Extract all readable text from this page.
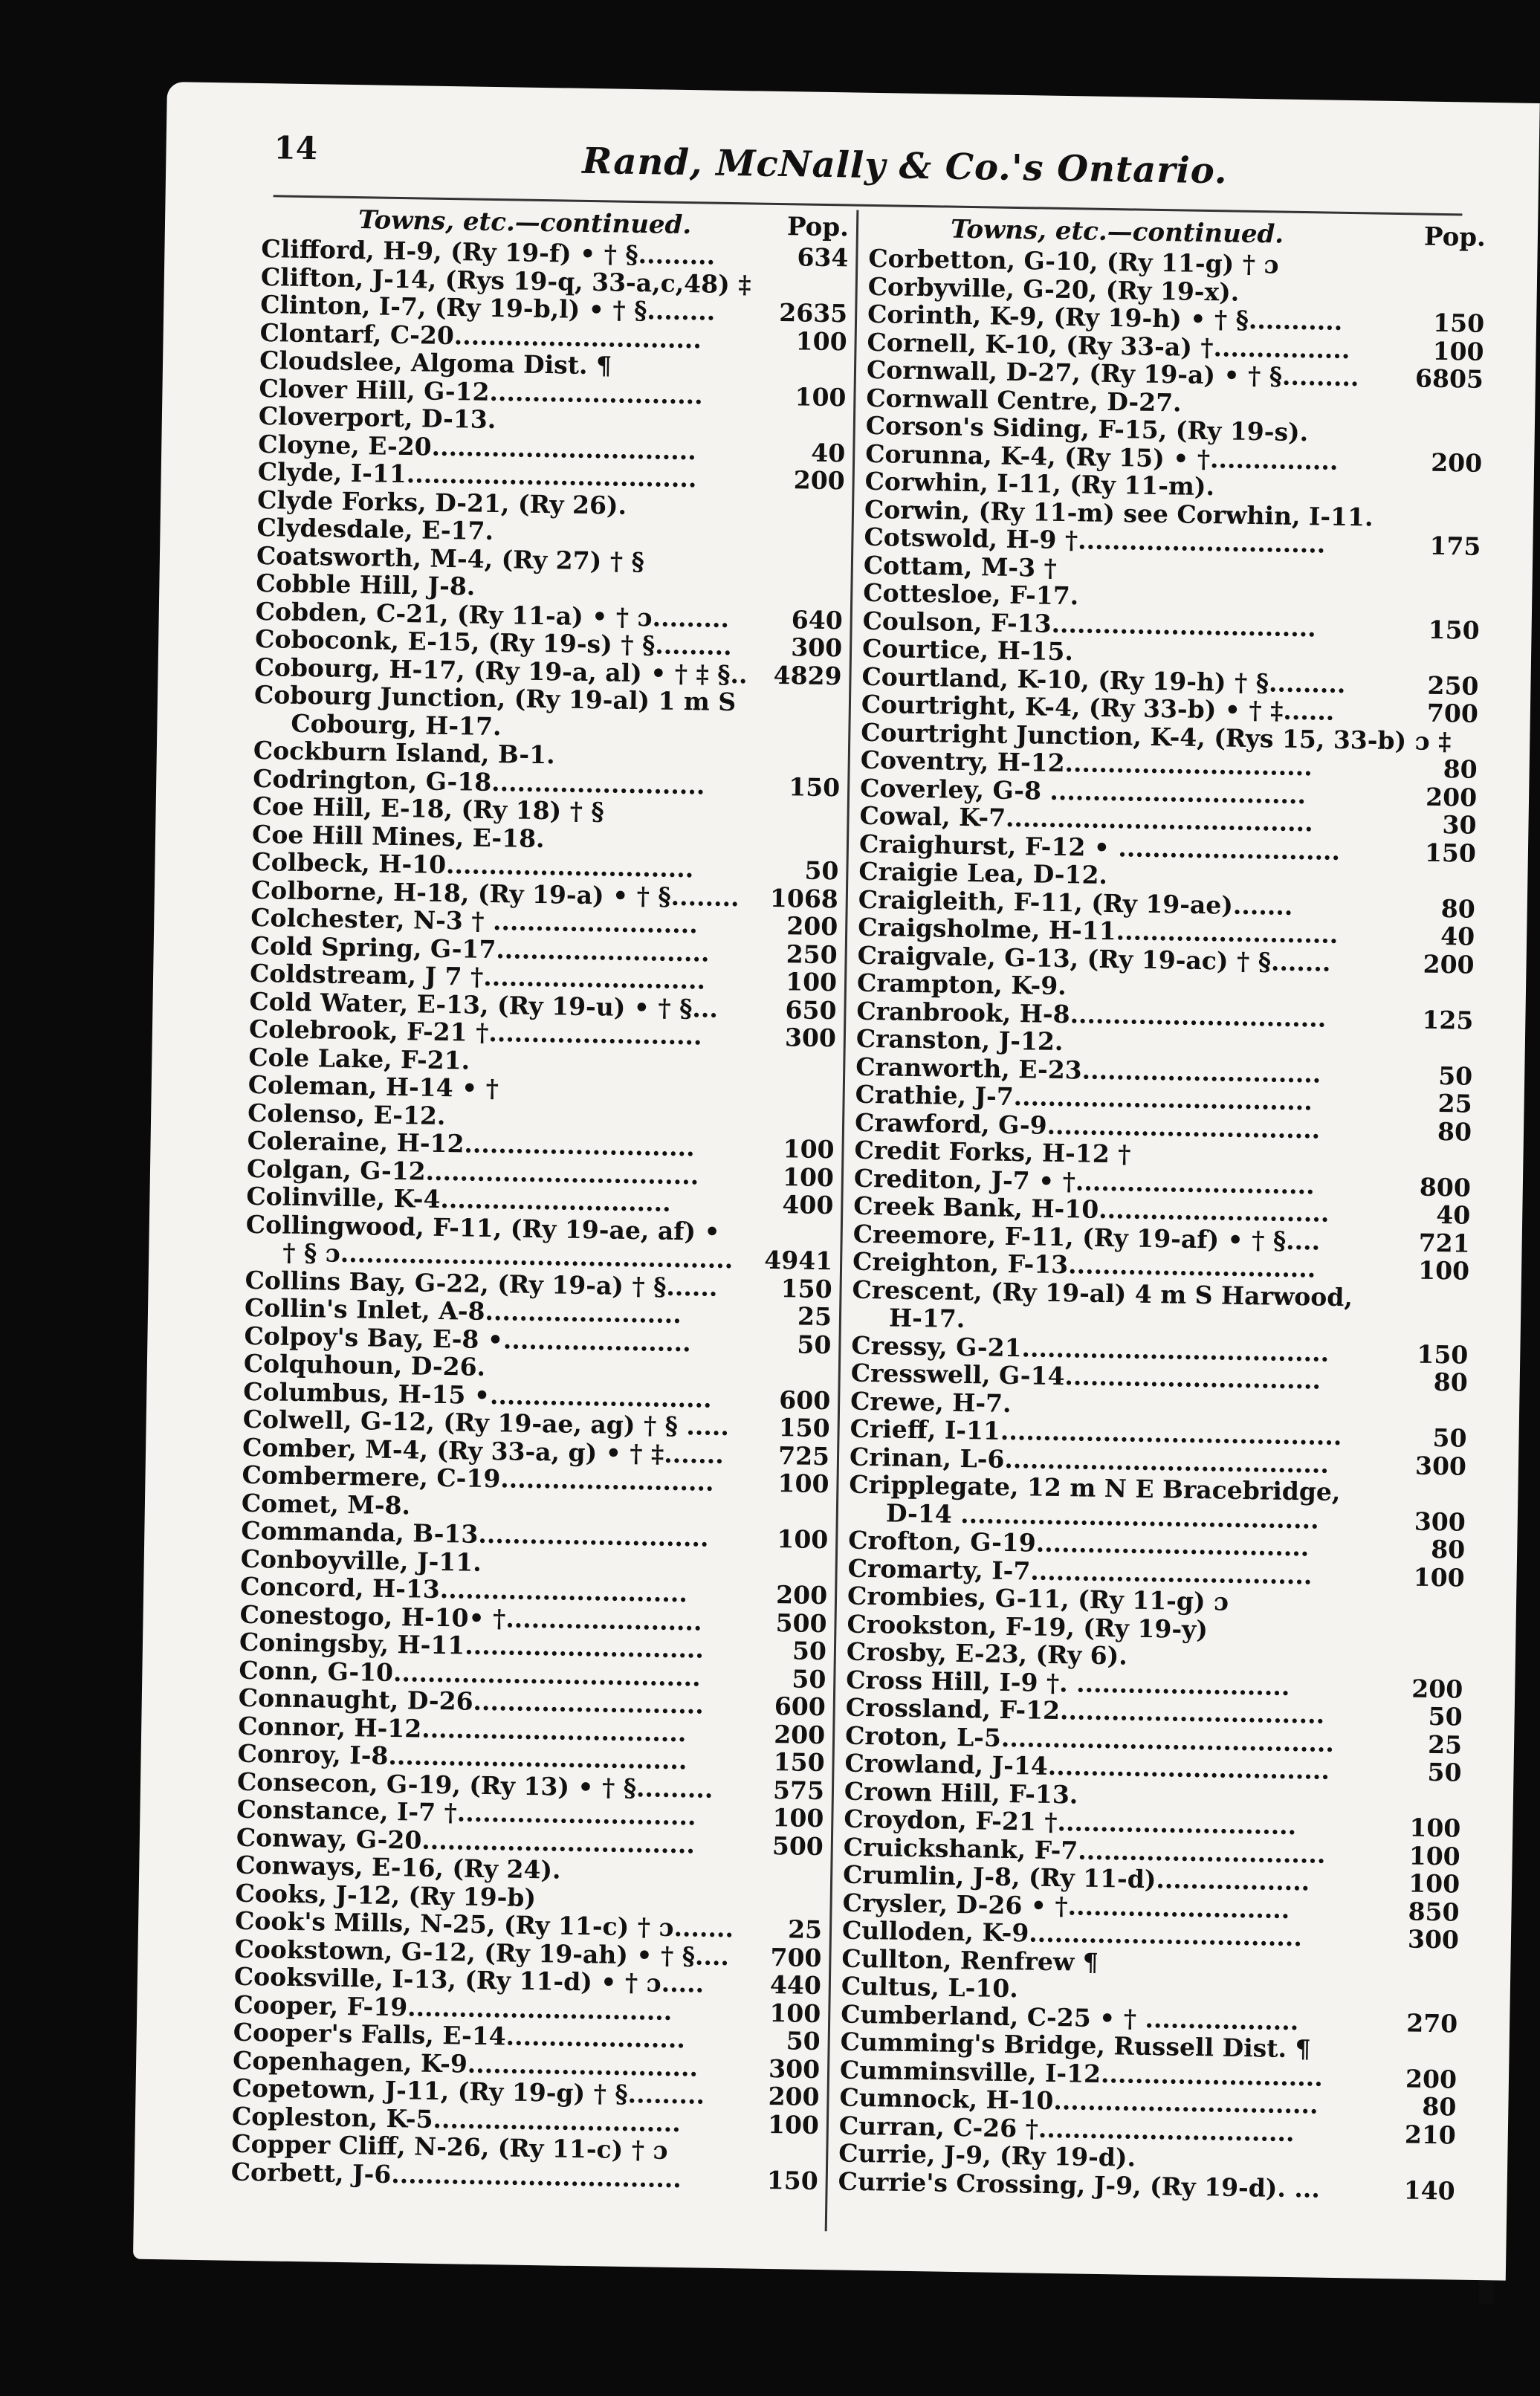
14	Rand, McNally & Co.'s Ontario.
Towns, etc.—continued.	Pop.
Clifford, H-9, (Ry 19-f) • † §.........	634
Clifton, J-14, (Rys 19-q, 33-a,c,48) ‡
Clinton, I-7, (Ry 19-b,l) • † §........	2635
Clontarf, C-20.............................	100
Cloudslee, Algoma Dist. ¶
Clover Hill, G-12.........................	100
Cloverport, D-13.
Cloyne, E-20...............................	40
Clyde, I-11..................................	200
Clyde Forks, D-21, (Ry 26).
Clydesdale, E-17.
Coatsworth, M-4, (Ry 27) † §
Cobble Hill, J-8.
Cobden, C-21, (Ry 11-a) • † ɔ.........	640
Coboconk, E-15, (Ry 19-s) † §......... 300
Cobourg, H-17, (Ry 19-a, al) • † ‡ §.. 4829
Cobourg Junction, (Ry 19-al) 1 m S
Cobourg, H-17.
Cockburn Island, B-1.
Codrington, G-18.........................	150
Coe Hill, E-18, (Ry 18) † §
Coe Hill Mines, E-18.
Colbeck, H-10.............................	50
Colborne, H-18, (Ry 19-a) • † §........ 1068
Colchester, N-3 † ........................	200
Cold Spring, G-17.........................	250
Coldstream, J 7 †..........................	100
Cold Water, E-13, (Ry 19-u) • † §...	650
Colebrook, F-21 †.........................	300
Cole Lake, F-21.
Coleman, H-14 • †
Colenso, E-12.
Coleraine, H-12...........................	100
Colgan, G-12................................	100
Colinville, K-4...........................	400
Collingwood, F-11, (Ry 19-ae, af) •
† § ɔ.............................................. 4941
Collins Bay, G-22, (Ry 19-a) † §......	150
Collin's Inlet, A-8.......................	25
Colpoy's Bay, E-8 •......................	50
Colquhoun, D-26.
Columbus, H-15 •..........................	600
Colwell, G-12, (Ry 19-ae, ag) † § ..... 150
Comber, M-4, (Ry 33-a, g) • † ‡....... 725
Combermere, C-19.........................	100
Comet, M-8.
Commanda, B-13...........................	100
Conboyville, J-11.
Concord, H-13.............................	200
Conestogo, H-10• †.......................	500
Coningsby, H-11............................	50
Conn, G-10....................................	50
Connaught, D-26...........................	600
Connor, H-12...............................	200
Conroy, I-8...................................	150
Consecon, G-19, (Ry 13) • † §......... 575
Constance, I-7 †............................	100
Conway, G-20................................	500
Conways, E-16, (Ry 24).
Cooks, J-12, (Ry 19-b)
Cook's Mills, N-25, (Ry 11-c) † ɔ....... 25
Cookstown, G-12, (Ry 19-ah) • † §.... 700
Cooksville, I-13, (Ry 11-d) • † ɔ.....	440
Cooper, F-19...............................	100
Cooper's Falls, E-14.....................	50
Copenhagen, K-9...........................	300
Copetown, J-11, (Ry 19-g) † §.........	200
Copleston, K-5.............................	100
Copper Cliff, N-26, (Ry 11-c) † ɔ
Corbett, J-6..................................	150
Towns, etc.—continued.	Pop.
Corbetton, G-10, (Ry 11-g) † ɔ
Corbyville, G-20, (Ry 19-x).
Corinth, K-9, (Ry 19-h) • † §...........	150
Cornell, K-10, (Ry 33-a) †................	100
Cornwall, D-27, (Ry 19-a) • † §......... 6805
Cornwall Centre, D-27.
Corson's Siding, F-15, (Ry 19-s).
Corunna, K-4, (Ry 15) • †...............	200
Corwhin, I-11, (Ry 11-m).
Corwin, (Ry 11-m) see Corwhin, I-11.
Cotswold, H-9 †.............................	175
Cottam, M-3 †
Cottesloe, F-17.
Coulson, F-13...............................	150
Courtice, H-15.
Courtland, K-10, (Ry 19-h) † §.........	250
Courtright, K-4, (Ry 33-b) • † ‡......	700
Courtright Junction, K-4, (Rys 15, 33-b) ɔ ‡
Coventry, H-12.............................	80
Coverley, G-8 ..............................	200
Cowal, K-7....................................	30
Craighurst, F-12 • ..........................	150
Craigie Lea, D-12.
Craigleith, F-11, (Ry 19-ae).......	80
Craigsholme, H-11..........................	40
Craigvale, G-13, (Ry 19-ac) † §.......	200
Crampton, K-9.
Cranbrook, H-8..............................	125
Cranston, J-12.
Cranworth, E-23............................	50
Crathie, J-7...................................	25
Crawford, G-9................................	80
Credit Forks, H-12 †
Crediton, J-7 • †............................	800
Creek Bank, H-10...........................	40
Creemore, F-11, (Ry 19-af) • † §....	721
Creighton, F-13.............................	100
Crescent, (Ry 19-al) 4 m S Harwood,
H-17.
Cressy, G-21....................................	150
Cresswell, G-14..............................	80
Crewe, H-7.
Crieff, I-11........................................	50
Crinan, L-6......................................	300
Cripplegate, 12 m N E Bracebridge,
D-14 ..........................................	300
Crofton, G-19................................	80
Cromarty, I-7.................................	100
Crombies, G-11, (Ry 11-g) ɔ
Crookston, F-19, (Ry 19-y)
Crosby, E-23, (Ry 6).
Cross Hill, I-9 †. .........................	200
Crossland, F-12...............................	50
Croton, L-5.......................................	25
Crowland, J-14.................................	50
Crown Hill, F-13.
Croydon, F-21 †............................	100
Cruickshank, F-7.............................	100
Crumlin, J-8, (Ry 11-d)..................	100
Crysler, D-26 • †..........................	850
Culloden, K-9................................	300
Cullton, Renfrew ¶
Cultus, L-10.
Cumberland, C-25 • † ..................	270
Cumming's Bridge, Russell Dist. ¶
Cumminsville, I-12..........................	200
Cumnock, H-10...............................	80
Curran, C-26 †..............................	210
Currie, J-9, (Ry 19-d).
Currie's Crossing, J-9, (Ry 19-d). ...	140
